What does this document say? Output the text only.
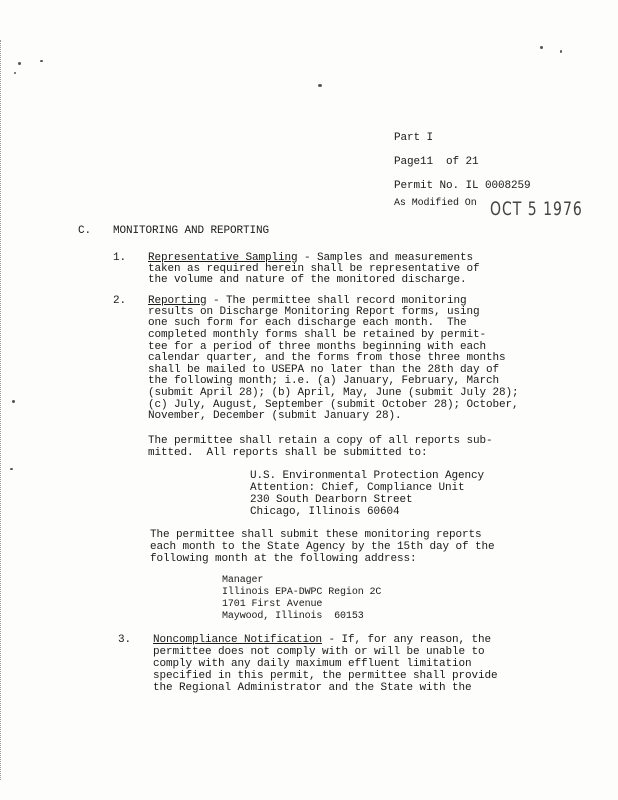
Part I
Page11  of 21
Permit No. IL 0008259
As Modified On OCT 5 1976
C. MONITORING AND REPORTING
1. Representative Sampling - Samples and measurements
taken as required herein shall be representative of
the volume and nature of the monitored discharge.
2. Reporting - The permittee shall record monitoring
results on Discharge Monitoring Report forms, using
one such form for each discharge each month.  The
completed monthly forms shall be retained by permit-
tee for a period of three months beginning with each
calendar quarter, and the forms from those three months
shall be mailed to USEPA no later than the 28th day of
the following month; i.e. (a) January, February, March
(submit April 28); (b) April, May, June (submit July 28);
(c) July, August, September (submit October 28); October,
November, December (submit January 28).
The permittee shall retain a copy of all reports sub-
mitted.  All reports shall be submitted to:
U.S. Environmental Protection Agency
Attention: Chief, Compliance Unit
230 South Dearborn Street
Chicago, Illinois 60604
The permittee shall submit these monitoring reports
each month to the State Agency by the 15th day of the
following month at the following address:
Manager
Illinois EPA-DWPC Region 2C
1701 First Avenue
Maywood, Illinois  60153
3. Noncompliance Notification - If, for any reason, the
permittee does not comply with or will be unable to
comply with any daily maximum effluent limitation
specified in this permit, the permittee shall provide
the Regional Administrator and the State with the
